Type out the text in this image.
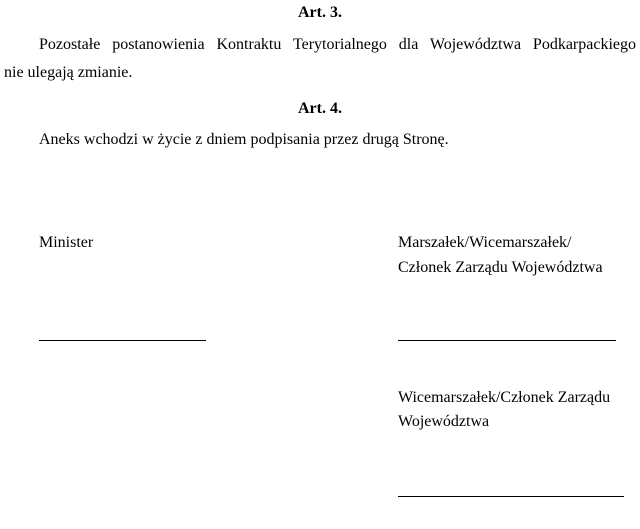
Art. 3.
Pozostałe postanowienia Kontraktu Terytorialnego dla Województwa Podkarpackiego
nie ulegają zmianie.
Art. 4.
Aneks wchodzi w życie z dniem podpisania przez drugą Stronę.
Minister	Marszałek/Wicemarszałek/
Członek Zarządu Województwa
Wicemarszałek/Członek Zarządu
Województwa
